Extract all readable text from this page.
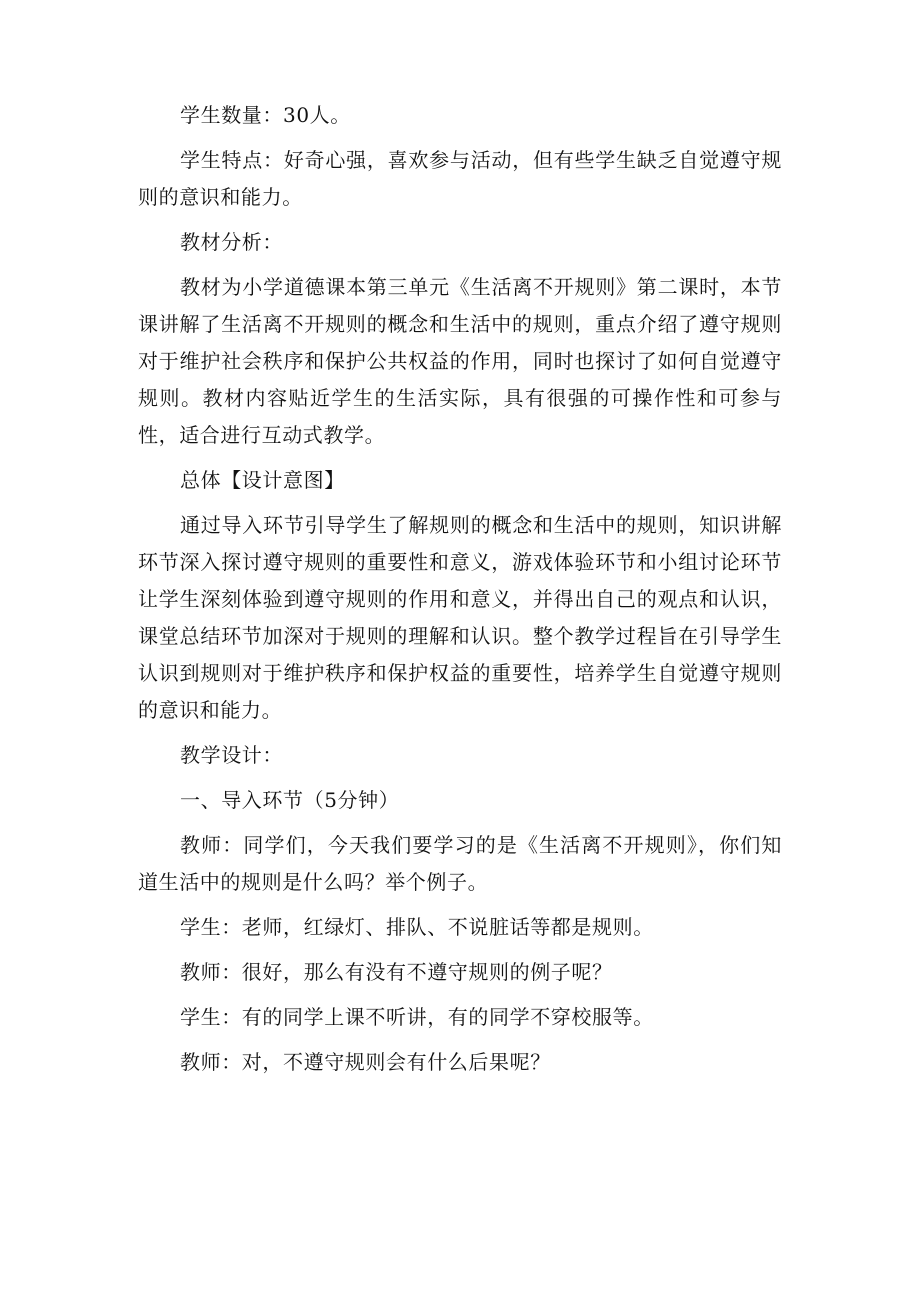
学生数量：30人。

学生特点：好奇心强，喜欢参与活动，但有些学生缺乏自觉遵守规则的意识和能力。

教材分析：

教材为小学道德课本第三单元《生活离不开规则》第二课时，本节课讲解了生活离不开规则的概念和生活中的规则，重点介绍了遵守规则对于维护社会秩序和保护公共权益的作用，同时也探讨了如何自觉遵守规则。教材内容贴近学生的生活实际，具有很强的可操作性和可参与性，适合进行互动式教学。

总体【设计意图】

通过导入环节引导学生了解规则的概念和生活中的规则，知识讲解环节深入探讨遵守规则的重要性和意义，游戏体验环节和小组讨论环节让学生深刻体验到遵守规则的作用和意义，并得出自己的观点和认识，课堂总结环节加深对于规则的理解和认识。整个教学过程旨在引导学生认识到规则对于维护秩序和保护权益的重要性，培养学生自觉遵守规则的意识和能力。

教学设计：

一、导入环节（5分钟）

教师：同学们，今天我们要学习的是《生活离不开规则》，你们知道生活中的规则是什么吗？举个例子。

学生：老师，红绿灯、排队、不说脏话等都是规则。

教师：很好，那么有没有不遵守规则的例子呢？

学生：有的同学上课不听讲，有的同学不穿校服等。

教师：对，不遵守规则会有什么后果呢？
